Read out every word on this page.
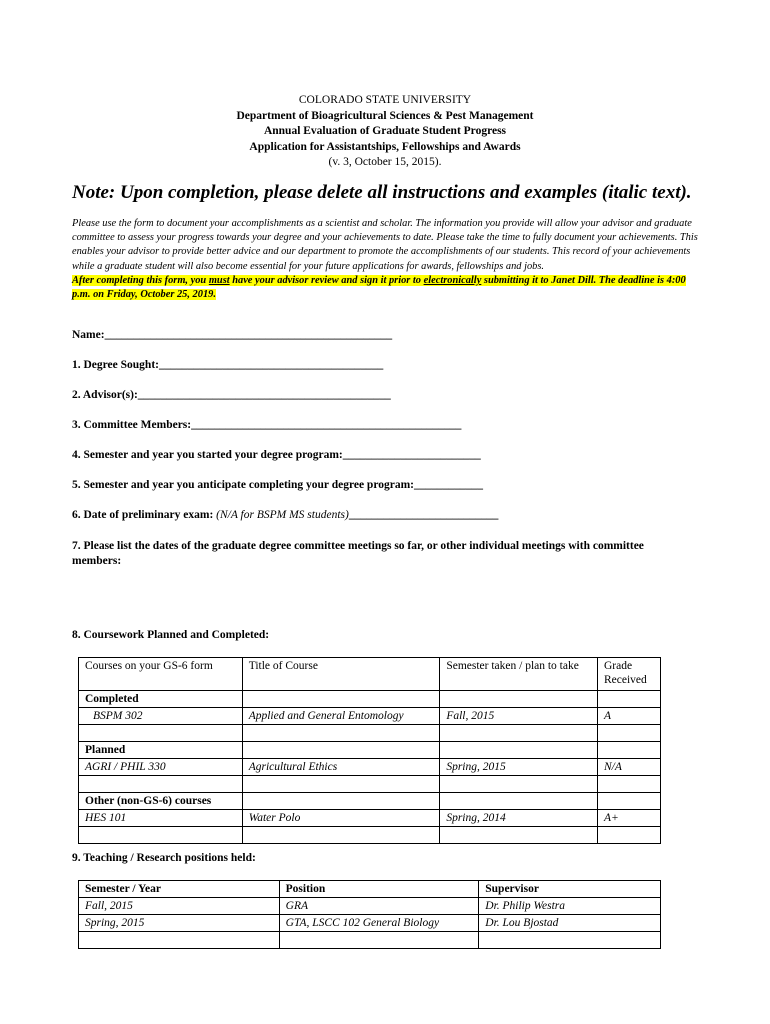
COLORADO STATE UNIVERSITY
Department of Bioagricultural Sciences & Pest Management
Annual Evaluation of Graduate Student Progress
Application for Assistantships, Fellowships and Awards
(v. 3, October 15, 2015).
Note: Upon completion, please delete all instructions and examples (italic text).
Please use the form to document your accomplishments as a scientist and scholar. The information you provide will allow your advisor and graduate committee to assess your progress towards your degree and your achievements to date. Please take the time to fully document your achievements. This enables your advisor to provide better advice and our department to promote the accomplishments of our students. This record of your achievements while a graduate student will also become essential for your future applications for awards, fellowships and jobs.
After completing this form, you must have your advisor review and sign it prior to electronically submitting it to Janet Dill. The deadline is 4:00 p.m. on Friday, October 25, 2019.
Name:__________________________________________________
1. Degree Sought:_______________________________________
2. Advisor(s):____________________________________________
3. Committee Members:_______________________________________________
4. Semester and year you started your degree program:________________________
5. Semester and year you anticipate completing your degree program:____________
6. Date of preliminary exam: (N/A for BSPM MS students)__________________________
7. Please list the dates of the graduate degree committee meetings so far, or other individual meetings with committee members:
8. Coursework Planned and Completed:
Courses on your GS-6 form	Title of Course	Semester taken / plan to take	Grade Received
Completed			
BSPM 302	Applied and General Entomology	Fall, 2015	A

Planned			
AGRI / PHIL 330	Agricultural Ethics	Spring, 2015	N/A

Other (non-GS-6) courses			
HES 101	Water Polo	Spring, 2014	A+

9. Teaching / Research positions held:
Semester / Year	Position	Supervisor
Fall, 2015	GRA	Dr. Philip Westra
Spring, 2015	GTA, LSCC 102 General Biology	Dr. Lou Bjostad
